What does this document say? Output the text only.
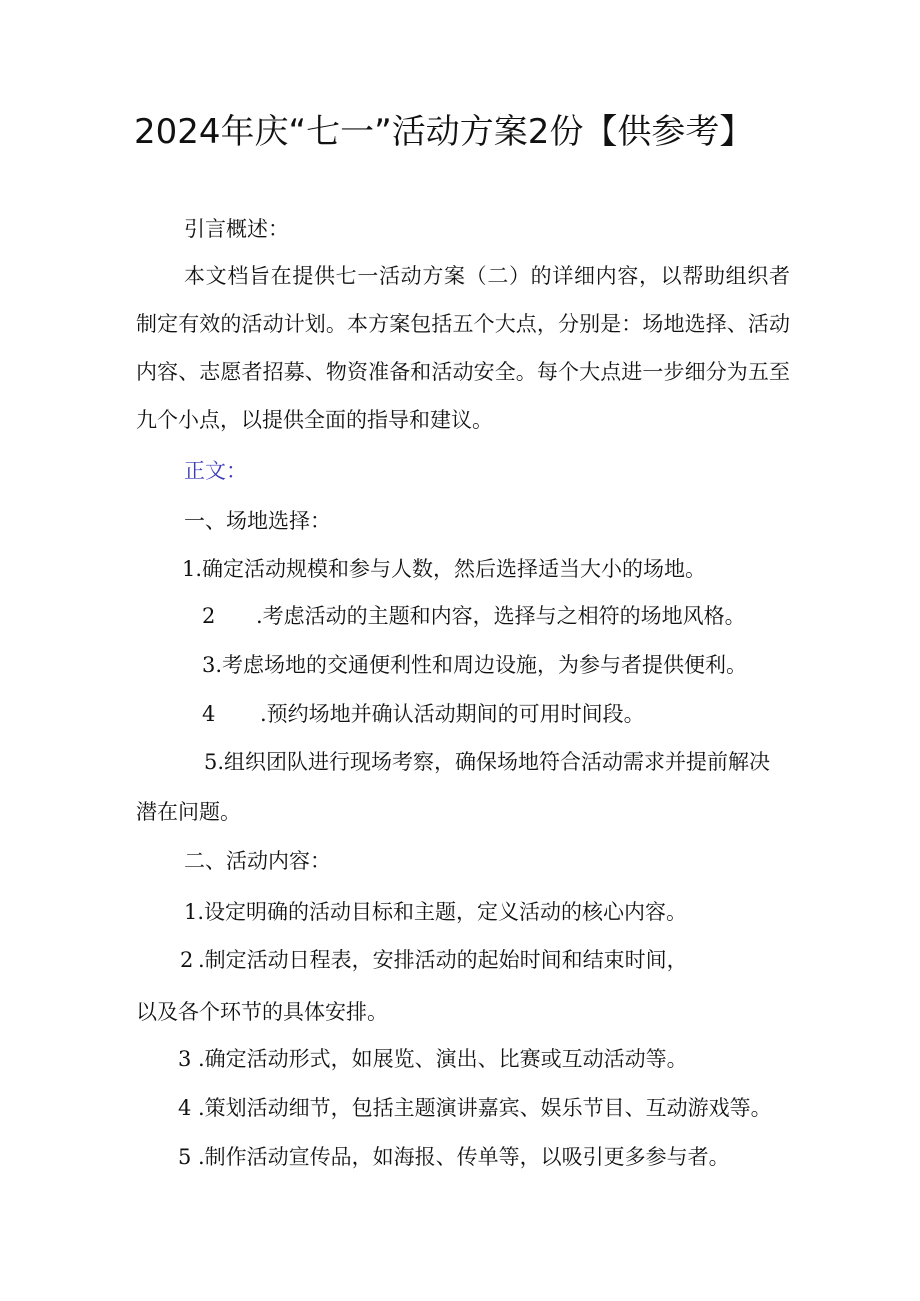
2024年庆“七一”活动方案2份【供参考】
引言概述：
本文档旨在提供七一活动方案（二）的详细内容，以帮助组织者制定有效的活动计划。本方案包括五个大点，分别是：场地选择、活动内容、志愿者招募、物资准备和活动安全。每个大点进一步细分为五至九个小点，以提供全面的指导和建议。
正文：
一、场地选择：
1.确定活动规模和参与人数，然后选择适当大小的场地。
2 .考虑活动的主题和内容，选择与之相符的场地风格。
3.考虑场地的交通便利性和周边设施，为参与者提供便利。
4 .预约场地并确认活动期间的可用时间段。
5.组织团队进行现场考察，确保场地符合活动需求并提前解决
潜在问题。
二、活动内容：
1.设定明确的活动目标和主题，定义活动的核心内容。
2 .制定活动日程表，安排活动的起始时间和结束时间，
以及各个环节的具体安排。
3 .确定活动形式，如展览、演出、比赛或互动活动等。
4 .策划活动细节，包括主题演讲嘉宾、娱乐节目、互动游戏等。
5 .制作活动宣传品，如海报、传单等，以吸引更多参与者。
